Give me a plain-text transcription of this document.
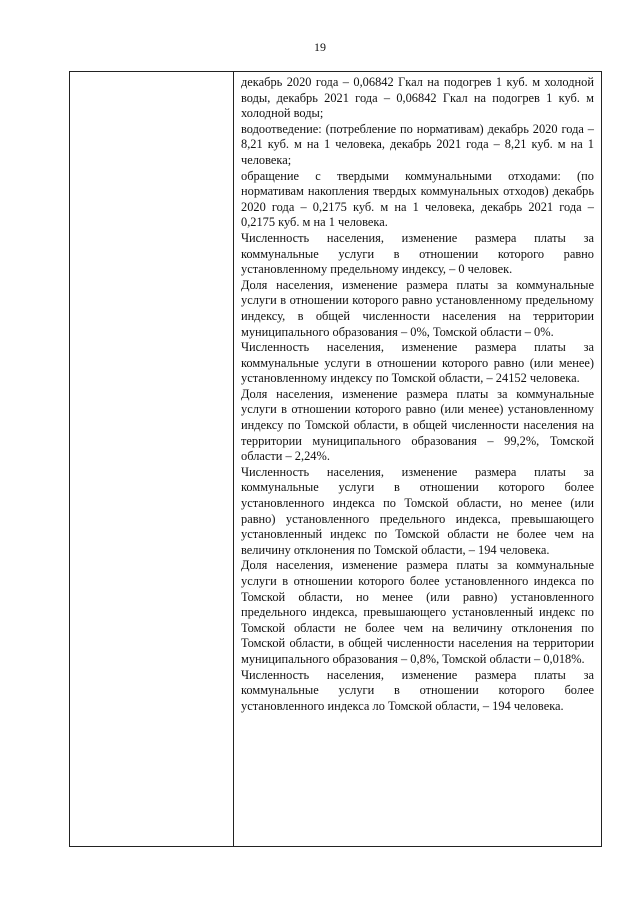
19

декабрь 2020 года – 0,06842 Гкал на подогрев 1 куб. м холодной воды, декабрь 2021 года – 0,06842 Гкал на подогрев 1 куб. м холодной воды;

водоотведение: (потребление по нормативам) декабрь 2020 года – 8,21 куб. м на 1 человека, декабрь 2021 года – 8,21 куб. м на 1 человека;

обращение с твердыми коммунальными отходами: (по нормативам накопления твердых коммунальных отходов) декабрь 2020 года – 0,2175 куб. м на 1 человека, декабрь 2021 года – 0,2175 куб. м на 1 человека.

Численность населения, изменение размера платы за коммунальные услуги в отношении которого равно установленному предельному индексу, – 0 человек.

Доля населения, изменение размера платы за коммунальные услуги в отношении которого равно установленному предельному индексу, в общей численности населения на территории муниципального образования – 0%, Томской области – 0%.

Численность населения, изменение размера платы за коммунальные услуги в отношении которого равно (или менее) установленному индексу по Томской области, – 24152 человека.

Доля населения, изменение размера платы за коммунальные услуги в отношении которого равно (или менее) установленному индексу по Томской области, в общей численности населения на территории муниципального образования – 99,2%, Томской области – 2,24%.

Численность населения, изменение размера платы за коммунальные услуги в отношении которого более установленного индекса по Томской области, но менее (или равно) установленного предельного индекса, превышающего установленный индекс по Томской области не более чем на величину отклонения по Томской области, – 194 человека.

Доля населения, изменение размера платы за коммунальные услуги в отношении которого более установленного индекса по Томской области, но менее (или равно) установленного предельного индекса, превышающего установленный индекс по Томской области не более чем на величину отклонения по Томской области, в общей численности населения на территории муниципального образования – 0,8%, Томской области – 0,018%.

Численность населения, изменение размера платы за коммунальные услуги в отношении которого более установленного индекса ло Томской области, – 194 человека.
